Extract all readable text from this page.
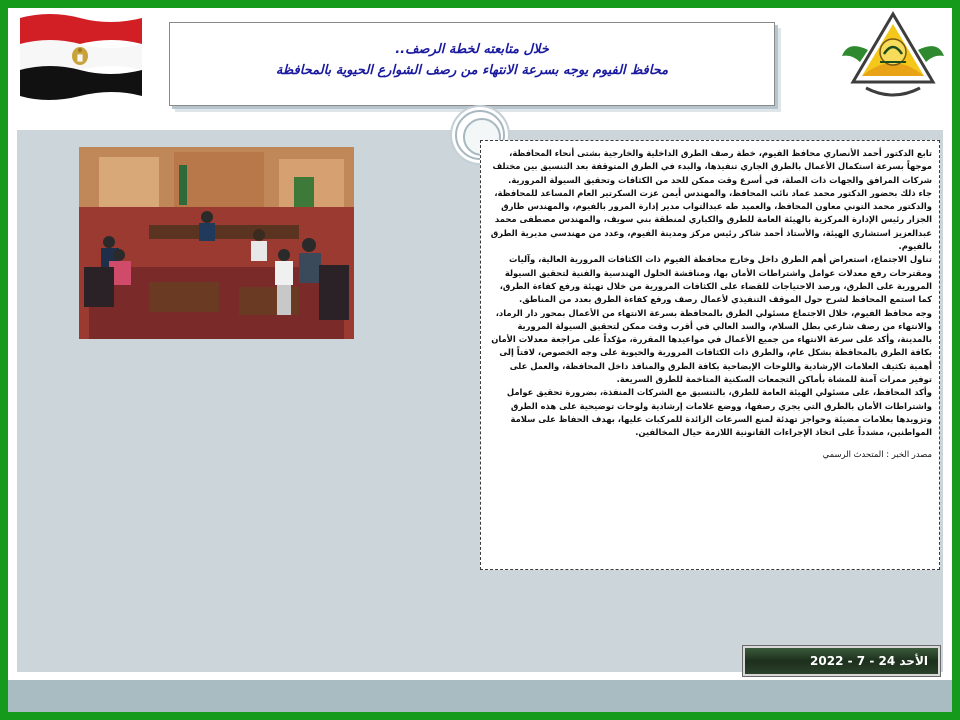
خلال متابعته لخطة الرصف..
محافظ الفيوم يوجه بسرعة الانتهاء من رصف الشوارع الحيوية بالمحافظة

تابع الدكتور أحمد الأنصاري محافظ الفيوم، خطة رصف الطرق الداخلية والخارجية بشتى أنحاء المحافظة، موجهاً بسرعة استكمال الأعمال بالطرق الجاري تنفيذها، والبدء في الطرق المتوقفة بعد التنسيق بين مختلف شركات المرافق والجهات ذات الصلة، في أسرع وقت ممكن للحد من الكثافات وتحقيق السيولة المرورية.

جاء ذلك بحضور الدكتور محمد عماد نائب المحافظ، والمهندس أيمن عزت السكرتير العام المساعد للمحافظة، والدكتور محمد التوني معاون المحافظ، والعميد طه عبدالتواب مدير إدارة المرور بالفيوم، والمهندس طارق الجزار رئيس الإدارة المركزية بالهيئة العامة للطرق والكباري لمنطقة بني سويف، والمهندس مصطفى محمد عبدالعزيز استشاري الهيئة، والأستاذ أحمد شاكر رئيس مركز ومدينة الفيوم، وعدد من مهندسي مديرية الطرق بالفيوم.

تناول الاجتماع، استعراض أهم الطرق داخل وخارج محافظة الفيوم ذات الكثافات المرورية العالية، وآليات ومقترحات رفع معدلات عوامل واشتراطات الأمان بها، ومناقشة الحلول الهندسية والفنية لتحقيق السيولة المرورية على الطرق، ورصد الاحتياجات للقضاء على الكثافات المرورية من خلال تهيئة ورفع كفاءة الطرق، كما استمع المحافظ لشرح حول الموقف التنفيذي لأعمال رصف ورفع كفاءة الطرق بعدد من المناطق.

وجه محافظ الفيوم، خلال الاجتماع مسئولي الطرق بالمحافظة بسرعة الانتهاء من الأعمال بمحور دار الرماد، والانتهاء من رصف شارعي بطل السلام، والسد العالي في أقرب وقت ممكن لتحقيق السيولة المرورية بالمدينة، وأكد على سرعة الانتهاء من جميع الأعمال في مواعيدها المقررة، مؤكداً على مراجعة معدلات الأمان بكافة الطرق بالمحافظة بشكل عام، والطرق ذات الكثافات المرورية والحيوية على وجه الخصوص، لافتاً إلى أهمية تكثيف العلامات الإرشادية واللوحات الإيضاحية بكافة الطرق والمنافذ داخل المحافظة، والعمل على توفير ممرات آمنة للمشاة بأماكن التجمعات السكنية المتاخمة للطرق السريعة.

وأكد المحافظ، على مسئولي الهيئة العامة للطرق، بالتنسيق مع الشركات المنفذة، بضرورة تحقيق عوامل واشتراطات الأمان بالطرق التي يجري رصفها، ووضع علامات إرشادية ولوحات توضيحية على هذه الطرق وتزويدها بعلامات مضيئة وحواجز تهدئة لمنع السرعات الزائدة للمركبات عليها، بهدف الحفاظ على سلامة المواطنين، مشدداً على اتخاذ الإجراءات القانونية اللازمة حيال المخالفين.

مصدر الخبر : المتحدث الرسمي

الأحد 24 - 7 - 2022
